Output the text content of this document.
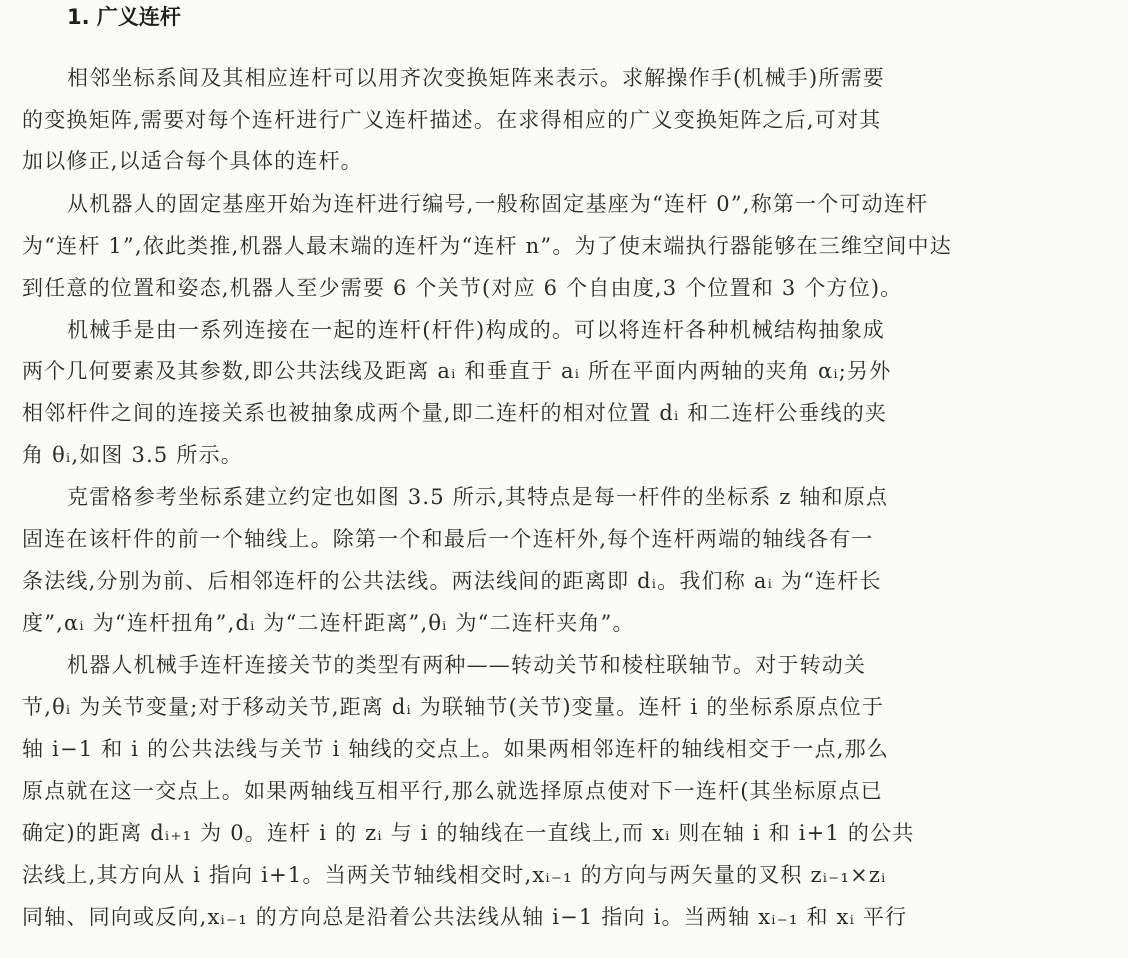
1. 广义连杆
相邻坐标系间及其相应连杆可以用齐次变换矩阵来表示。求解操作手(机械手)所需要
的变换矩阵,需要对每个连杆进行广义连杆描述。在求得相应的广义变换矩阵之后,可对其
加以修正,以适合每个具体的连杆。
从机器人的固定基座开始为连杆进行编号,一般称固定基座为“连杆 0”,称第一个可动连杆
为“连杆 1”,依此类推,机器人最末端的连杆为“连杆 n”。为了使末端执行器能够在三维空间中达
到任意的位置和姿态,机器人至少需要 6 个关节(对应 6 个自由度,3 个位置和 3 个方位)。
机械手是由一系列连接在一起的连杆(杆件)构成的。可以将连杆各种机械结构抽象成
两个几何要素及其参数,即公共法线及距离 aᵢ 和垂直于 aᵢ 所在平面内两轴的夹角 αᵢ;另外
相邻杆件之间的连接关系也被抽象成两个量,即二连杆的相对位置 dᵢ 和二连杆公垂线的夹
角 θᵢ,如图 3.5 所示。
克雷格参考坐标系建立约定也如图 3.5 所示,其特点是每一杆件的坐标系 z 轴和原点
固连在该杆件的前一个轴线上。除第一个和最后一个连杆外,每个连杆两端的轴线各有一
条法线,分别为前、后相邻连杆的公共法线。两法线间的距离即 dᵢ。我们称 aᵢ 为“连杆长
度”,αᵢ 为“连杆扭角”,dᵢ 为“二连杆距离”,θᵢ 为“二连杆夹角”。
机器人机械手连杆连接关节的类型有两种——转动关节和棱柱联轴节。对于转动关
节,θᵢ 为关节变量;对于移动关节,距离 dᵢ 为联轴节(关节)变量。连杆 i 的坐标系原点位于
轴 i−1 和 i 的公共法线与关节 i 轴线的交点上。如果两相邻连杆的轴线相交于一点,那么
原点就在这一交点上。如果两轴线互相平行,那么就选择原点使对下一连杆(其坐标原点已
确定)的距离 dᵢ₊₁ 为 0。连杆 i 的 zᵢ 与 i 的轴线在一直线上,而 xᵢ 则在轴 i 和 i+1 的公共
法线上,其方向从 i 指向 i+1。当两关节轴线相交时,xᵢ₋₁ 的方向与两矢量的叉积 zᵢ₋₁×zᵢ
同轴、同向或反向,xᵢ₋₁ 的方向总是沿着公共法线从轴 i−1 指向 i。当两轴 xᵢ₋₁ 和 xᵢ 平行
